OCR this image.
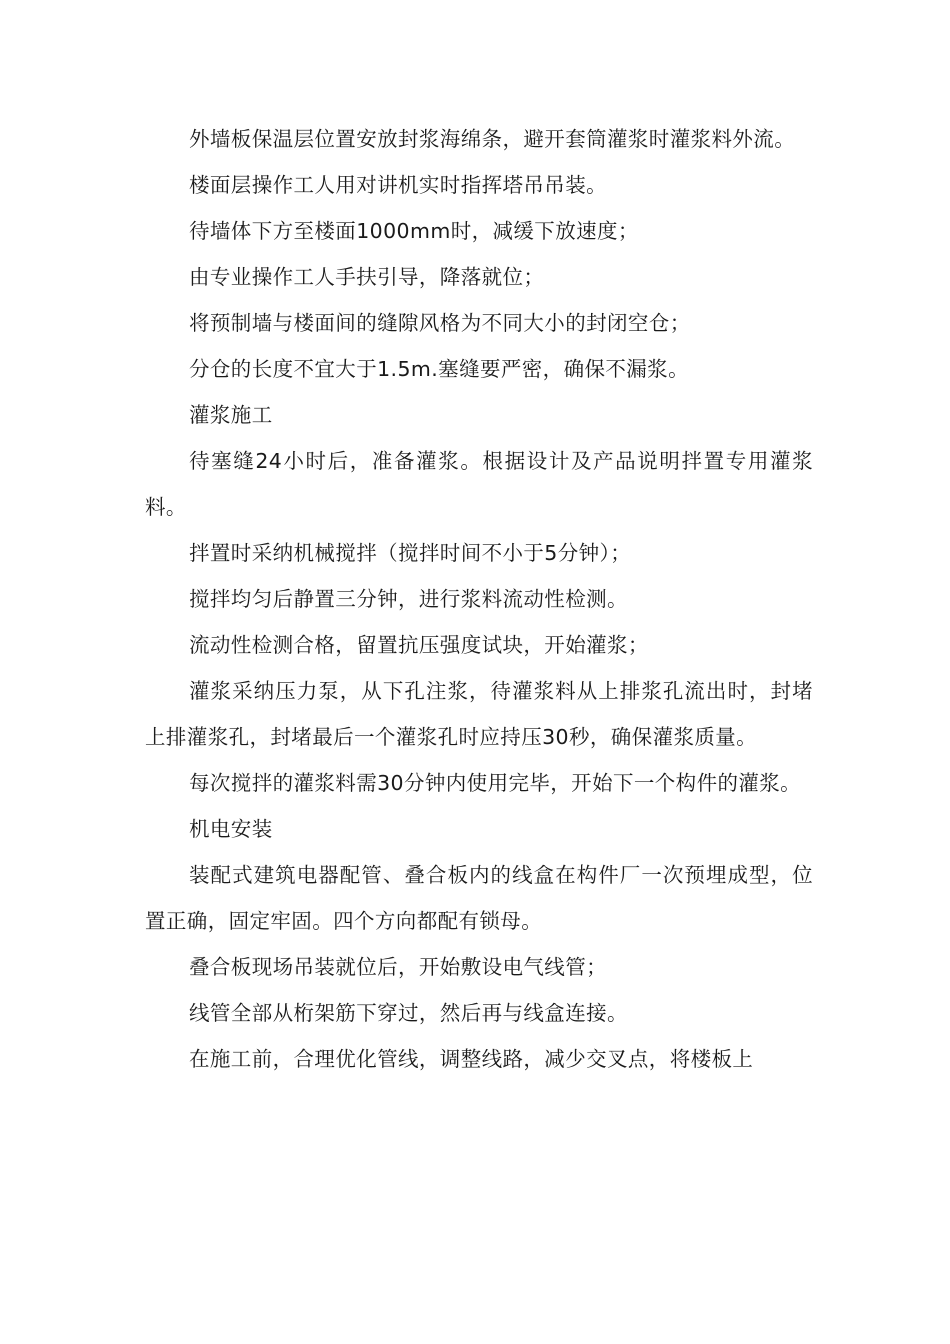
外墙板保温层位置安放封浆海绵条，避开套筒灌浆时灌浆料外流。

楼面层操作工人用对讲机实时指挥塔吊吊装。

待墙体下方至楼面1000mm时，减缓下放速度；

由专业操作工人手扶引导，降落就位；

将预制墙与楼面间的缝隙风格为不同大小的封闭空仓；

分仓的长度不宜大于1.5m.塞缝要严密，确保不漏浆。

灌浆施工

待塞缝24小时后，准备灌浆。根据设计及产品说明拌置专用灌浆料。

拌置时采纳机械搅拌（搅拌时间不小于5分钟）；

搅拌均匀后静置三分钟，进行浆料流动性检测。

流动性检测合格，留置抗压强度试块，开始灌浆；

灌浆采纳压力泵，从下孔注浆，待灌浆料从上排浆孔流出时，封堵上排灌浆孔，封堵最后一个灌浆孔时应持压30秒，确保灌浆质量。

每次搅拌的灌浆料需30分钟内使用完毕，开始下一个构件的灌浆。

机电安装

装配式建筑电器配管、叠合板内的线盒在构件厂一次预埋成型，位置正确，固定牢固。四个方向都配有锁母。

叠合板现场吊装就位后，开始敷设电气线管；

线管全部从桁架筋下穿过，然后再与线盒连接。

在施工前，合理优化管线，调整线路，减少交叉点，将楼板上
